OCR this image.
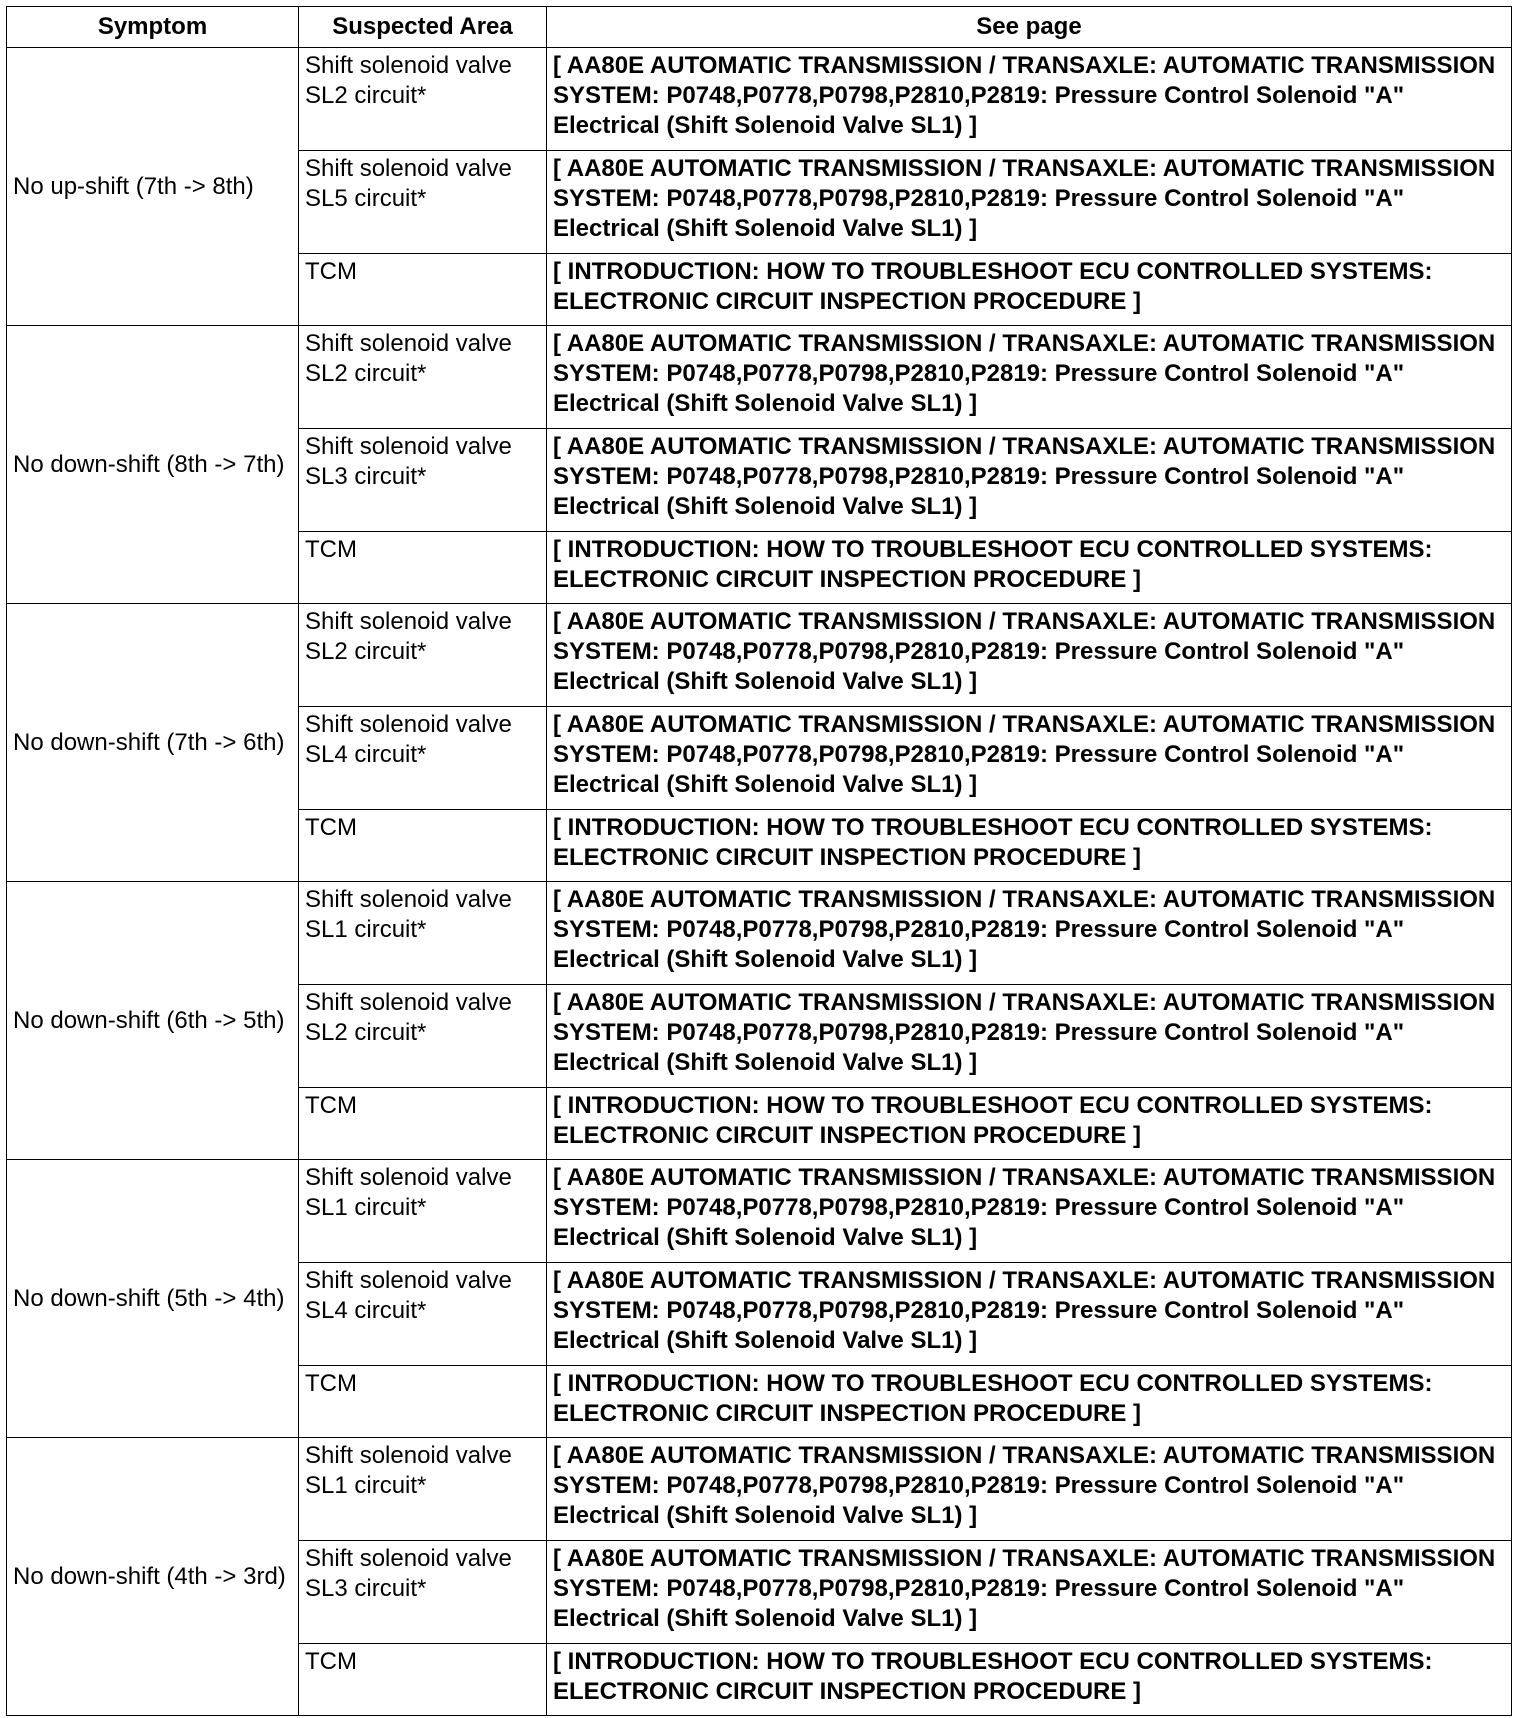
Symptom	Suspected Area	See page
No up-shift (7th -> 8th)	Shift solenoid valve SL2 circuit*	[ AA80E AUTOMATIC TRANSMISSION / TRANSAXLE: AUTOMATIC TRANSMISSION SYSTEM: P0748,P0778,P0798,P2810,P2819: Pressure Control Solenoid "A" Electrical (Shift Solenoid Valve SL1) ]
	Shift solenoid valve SL5 circuit*	[ AA80E AUTOMATIC TRANSMISSION / TRANSAXLE: AUTOMATIC TRANSMISSION SYSTEM: P0748,P0778,P0798,P2810,P2819: Pressure Control Solenoid "A" Electrical (Shift Solenoid Valve SL1) ]
	TCM	[ INTRODUCTION: HOW TO TROUBLESHOOT ECU CONTROLLED SYSTEMS: ELECTRONIC CIRCUIT INSPECTION PROCEDURE ]
No down-shift (8th -> 7th)	Shift solenoid valve SL2 circuit*	[ AA80E AUTOMATIC TRANSMISSION / TRANSAXLE: AUTOMATIC TRANSMISSION SYSTEM: P0748,P0778,P0798,P2810,P2819: Pressure Control Solenoid "A" Electrical (Shift Solenoid Valve SL1) ]
	Shift solenoid valve SL3 circuit*	[ AA80E AUTOMATIC TRANSMISSION / TRANSAXLE: AUTOMATIC TRANSMISSION SYSTEM: P0748,P0778,P0798,P2810,P2819: Pressure Control Solenoid "A" Electrical (Shift Solenoid Valve SL1) ]
	TCM	[ INTRODUCTION: HOW TO TROUBLESHOOT ECU CONTROLLED SYSTEMS: ELECTRONIC CIRCUIT INSPECTION PROCEDURE ]
No down-shift (7th -> 6th)	Shift solenoid valve SL2 circuit*	[ AA80E AUTOMATIC TRANSMISSION / TRANSAXLE: AUTOMATIC TRANSMISSION SYSTEM: P0748,P0778,P0798,P2810,P2819: Pressure Control Solenoid "A" Electrical (Shift Solenoid Valve SL1) ]
	Shift solenoid valve SL4 circuit*	[ AA80E AUTOMATIC TRANSMISSION / TRANSAXLE: AUTOMATIC TRANSMISSION SYSTEM: P0748,P0778,P0798,P2810,P2819: Pressure Control Solenoid "A" Electrical (Shift Solenoid Valve SL1) ]
	TCM	[ INTRODUCTION: HOW TO TROUBLESHOOT ECU CONTROLLED SYSTEMS: ELECTRONIC CIRCUIT INSPECTION PROCEDURE ]
No down-shift (6th -> 5th)	Shift solenoid valve SL1 circuit*	[ AA80E AUTOMATIC TRANSMISSION / TRANSAXLE: AUTOMATIC TRANSMISSION SYSTEM: P0748,P0778,P0798,P2810,P2819: Pressure Control Solenoid "A" Electrical (Shift Solenoid Valve SL1) ]
	Shift solenoid valve SL2 circuit*	[ AA80E AUTOMATIC TRANSMISSION / TRANSAXLE: AUTOMATIC TRANSMISSION SYSTEM: P0748,P0778,P0798,P2810,P2819: Pressure Control Solenoid "A" Electrical (Shift Solenoid Valve SL1) ]
	TCM	[ INTRODUCTION: HOW TO TROUBLESHOOT ECU CONTROLLED SYSTEMS: ELECTRONIC CIRCUIT INSPECTION PROCEDURE ]
No down-shift (5th -> 4th)	Shift solenoid valve SL1 circuit*	[ AA80E AUTOMATIC TRANSMISSION / TRANSAXLE: AUTOMATIC TRANSMISSION SYSTEM: P0748,P0778,P0798,P2810,P2819: Pressure Control Solenoid "A" Electrical (Shift Solenoid Valve SL1) ]
	Shift solenoid valve SL4 circuit*	[ AA80E AUTOMATIC TRANSMISSION / TRANSAXLE: AUTOMATIC TRANSMISSION SYSTEM: P0748,P0778,P0798,P2810,P2819: Pressure Control Solenoid "A" Electrical (Shift Solenoid Valve SL1) ]
	TCM	[ INTRODUCTION: HOW TO TROUBLESHOOT ECU CONTROLLED SYSTEMS: ELECTRONIC CIRCUIT INSPECTION PROCEDURE ]
No down-shift (4th -> 3rd)	Shift solenoid valve SL1 circuit*	[ AA80E AUTOMATIC TRANSMISSION / TRANSAXLE: AUTOMATIC TRANSMISSION SYSTEM: P0748,P0778,P0798,P2810,P2819: Pressure Control Solenoid "A" Electrical (Shift Solenoid Valve SL1) ]
	Shift solenoid valve SL3 circuit*	[ AA80E AUTOMATIC TRANSMISSION / TRANSAXLE: AUTOMATIC TRANSMISSION SYSTEM: P0748,P0778,P0798,P2810,P2819: Pressure Control Solenoid "A" Electrical (Shift Solenoid Valve SL1) ]
	TCM	[ INTRODUCTION: HOW TO TROUBLESHOOT ECU CONTROLLED SYSTEMS: ELECTRONIC CIRCUIT INSPECTION PROCEDURE ]
